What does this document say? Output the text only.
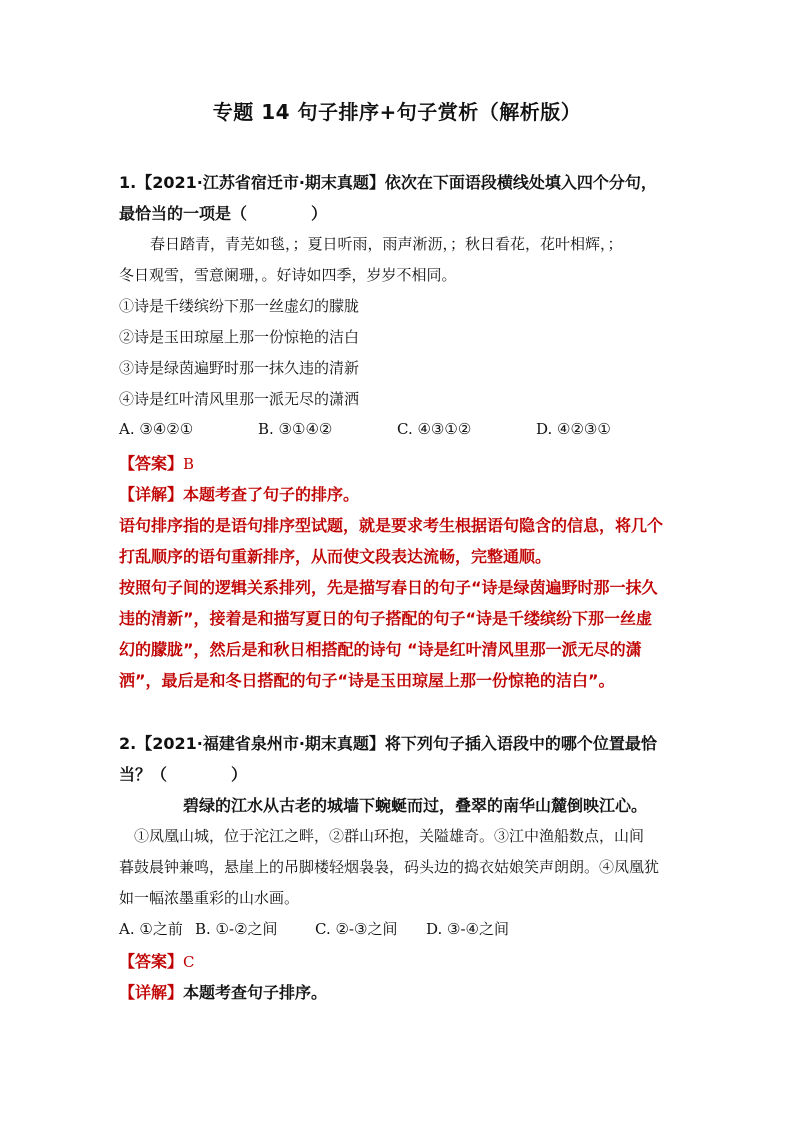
专题 14 句子排序+句子赏析（解析版）
1.【2021·江苏省宿迁市·期末真题】依次在下面语段横线处填入四个分句，
最恰当的一项是（　　　　）
春日踏青，青芜如毯，；夏日听雨，雨声淅沥，；秋日看花，花叶相辉，；
冬日观雪，雪意阑珊，。好诗如四季，岁岁不相同。
①诗是千缕缤纷下那一丝虚幻的朦胧
②诗是玉田琼屋上那一份惊艳的洁白
③诗是绿茵遍野时那一抹久违的清新
④诗是红叶清风里那一派无尽的潇洒
A. ③④②①	B. ③①④②	C. ④③①②	D. ④②③①
【答案】B
【详解】本题考查了句子的排序。
语句排序指的是语句排序型试题，就是要求考生根据语句隐含的信息，将几个
打乱顺序的语句重新排序，从而使文段表达流畅，完整通顺。
按照句子间的逻辑关系排列，先是描写春日的句子“诗是绿茵遍野时那一抹久
违的清新”，接着是和描写夏日的句子搭配的句子“诗是千缕缤纷下那一丝虚
幻的朦胧”，然后是和秋日相搭配的诗句 “诗是红叶清风里那一派无尽的潇
洒”，最后是和冬日搭配的句子“诗是玉田琼屋上那一份惊艳的洁白”。
2.【2021·福建省泉州市·期末真题】将下列句子插入语段中的哪个位置最恰
当？（　　　　）
碧绿的江水从古老的城墙下蜿蜒而过，叠翠的南华山麓倒映江心。
①凤凰山城，位于沱江之畔，②群山环抱，关隘雄奇。③江中渔船数点，山间
暮鼓晨钟兼鸣，悬崖上的吊脚楼轻烟袅袅，码头边的捣衣姑娘笑声朗朗。④凤凰犹
如一幅浓墨重彩的山水画。
A. ①之前 B. ①-②之间 C. ②-③之间 D. ③-④之间
【答案】C
【详解】本题考查句子排序。
